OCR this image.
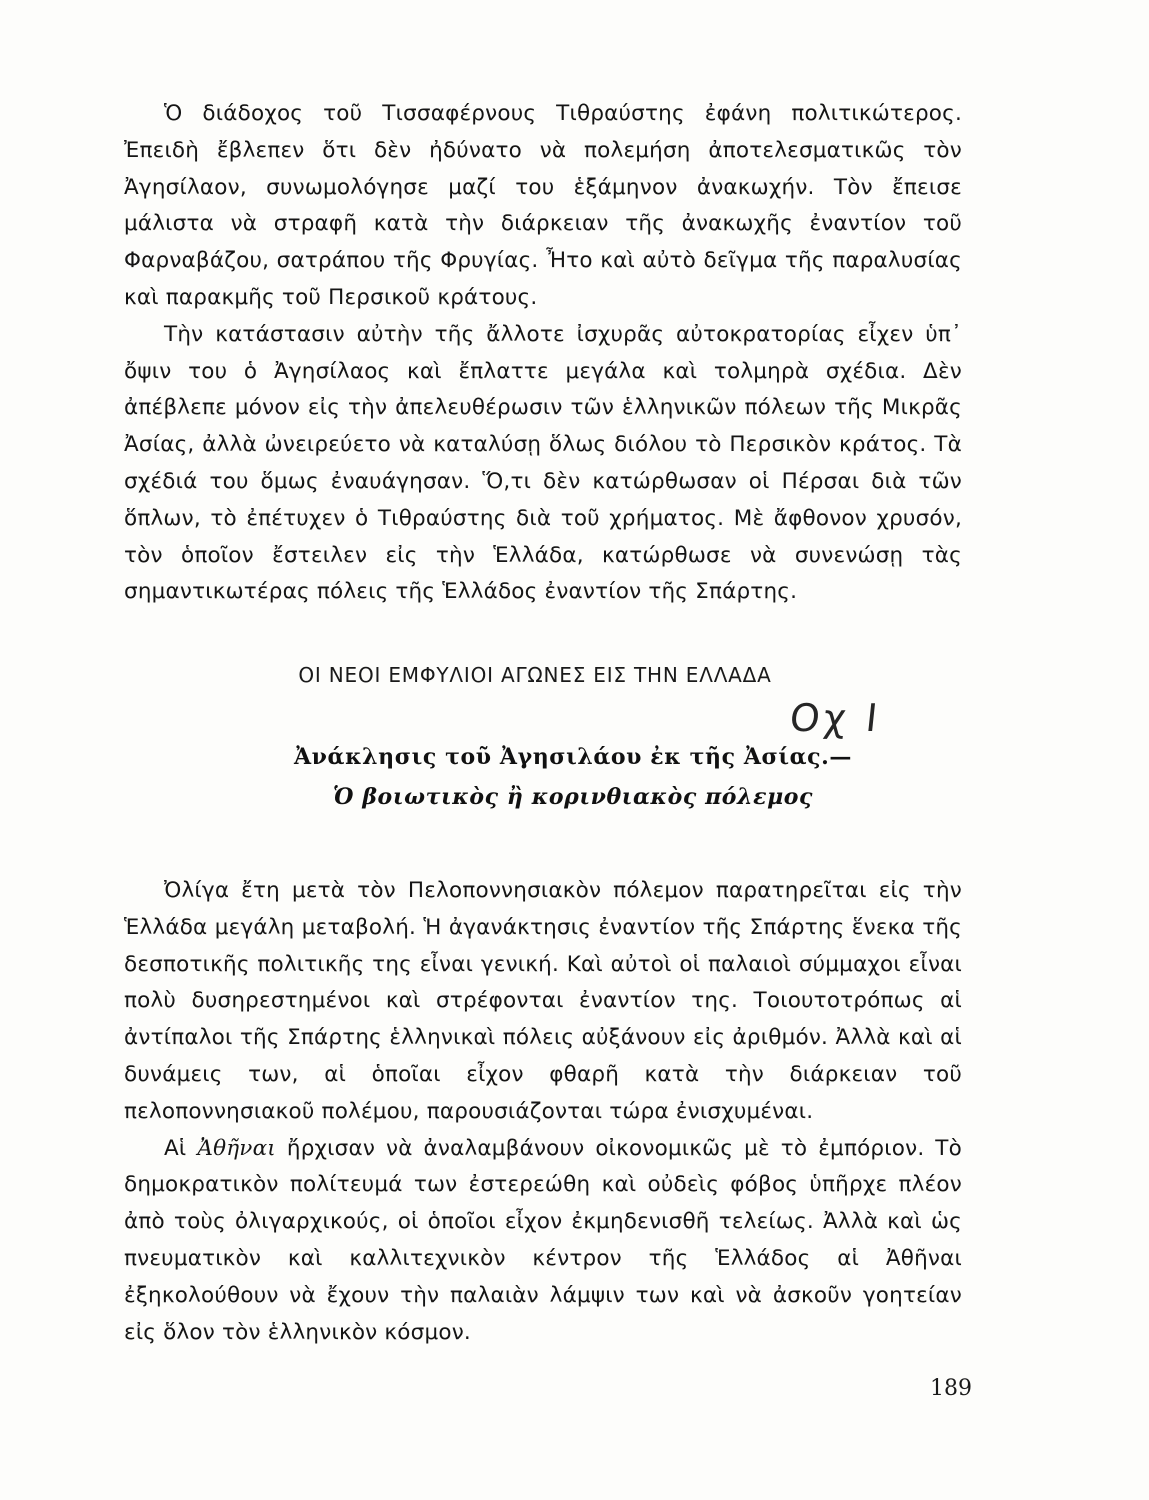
Ὁ διάδοχος τοῦ Τισσαφέρνους Τιθραύστης ἐφάνη πολιτικώτερος. Ἐπειδὴ ἔβλεπεν ὅτι δὲν ἠδύνατο νὰ πολεμήση ἀποτελεσματικῶς τὸν Ἀγησίλαον, συνωμολόγησε μαζί του ἑξάμηνον ἀνακωχήν. Τὸν ἔπεισε μάλιστα νὰ στραφῆ κατὰ τὴν διάρκειαν τῆς ἀνακωχῆς ἐναντίον τοῦ Φαρναβάζου, σατράπου τῆς Φρυγίας. Ἦτο καὶ αὐτὸ δεῖγμα τῆς παραλυσίας καὶ παρακμῆς τοῦ Περσικοῦ κράτους.

Τὴν κατάστασιν αὐτὴν τῆς ἄλλοτε ἰσχυρᾶς αὐτοκρατορίας εἶχεν ὑπ᾽ ὄψιν του ὁ Ἀγησίλαος καὶ ἔπλαττε μεγάλα καὶ τολμηρὰ σχέδια. Δὲν ἀπέβλεπε μόνον εἰς τὴν ἀπελευθέρωσιν τῶν ἑλληνικῶν πόλεων τῆς Μικρᾶς Ἀσίας, ἀλλὰ ὠνειρεύετο νὰ καταλύσῃ ὅλως διόλου τὸ Περσικὸν κράτος. Τὰ σχέδιά του ὅμως ἐναυάγησαν. Ὅ,τι δὲν κατώρθωσαν οἱ Πέρσαι διὰ τῶν ὅπλων, τὸ ἐπέτυχεν ὁ Τιθραύστης διὰ τοῦ χρήματος. Μὲ ἄφθονον χρυσόν, τὸν ὁποῖον ἔστειλεν εἰς τὴν Ἑλλάδα, κατώρθωσε νὰ συνενώσῃ τὰς σημαντικωτέρας πόλεις τῆς Ἑλλάδος ἐναντίον τῆς Σπάρτης.

ΟΙ ΝΕΟΙ ΕΜΦΥΛΙΟΙ ΑΓΩΝΕΣ ΕΙΣ ΤΗΝ ΕΛΛΑΔΑ
Οχ Ι
Ἀνάκλησις τοῦ Ἀγησιλάου ἐκ τῆς Ἀσίας.—
Ὁ βοιωτικὸς ἢ κορινθιακὸς πόλεμος

Ὀλίγα ἔτη μετὰ τὸν Πελοποννησιακὸν πόλεμον παρατηρεῖται εἰς τὴν Ἑλλάδα μεγάλη μεταβολή. Ἡ ἀγανάκτησις ἐναντίον τῆς Σπάρτης ἕνεκα τῆς δεσποτικῆς πολιτικῆς της εἶναι γενική. Καὶ αὐτοὶ οἱ παλαιοὶ σύμμαχοι εἶναι πολὺ δυσηρεστημένοι καὶ στρέφονται ἐναντίον της. Τοιουτοτρόπως αἱ ἀντίπαλοι τῆς Σπάρτης ἑλληνικαὶ πόλεις αὐξάνουν εἰς ἀριθμόν. Ἀλλὰ καὶ αἱ δυνάμεις των, αἱ ὁποῖαι εἶχον φθαρῆ κατὰ τὴν διάρκειαν τοῦ πελοποννησιακοῦ πολέμου, παρουσιάζονται τώρα ἐνισχυμέναι.

Αἱ Ἀθῆναι ἤρχισαν νὰ ἀναλαμβάνουν οἰκονομικῶς μὲ τὸ ἐμπόριον. Τὸ δημοκρατικὸν πολίτευμά των ἐστερεώθη καὶ οὐδεὶς φόβος ὑπῆρχε πλέον ἀπὸ τοὺς ὀλιγαρχικούς, οἱ ὁποῖοι εἶχον ἐκμηδενισθῆ τελείως. Ἀλλὰ καὶ ὡς πνευματικὸν καὶ καλλιτεχνικὸν κέντρον τῆς Ἑλλάδος αἱ Ἀθῆναι ἐξηκολούθουν νὰ ἔχουν τὴν παλαιὰν λάμψιν των καὶ νὰ ἀσκοῦν γοητείαν εἰς ὅλον τὸν ἑλληνικὸν κόσμον.

189
